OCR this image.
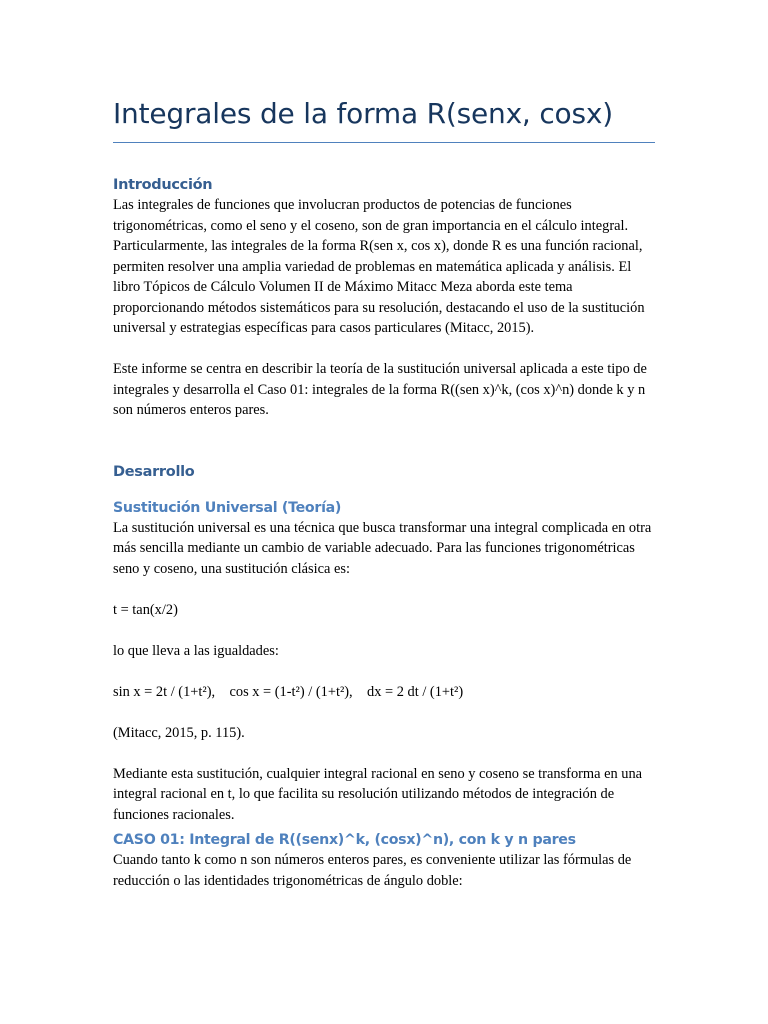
Integrales de la forma R(senx, cosx)
Introducción

Las integrales de funciones que involucran productos de potencias de funciones trigonométricas, como el seno y el coseno, son de gran importancia en el cálculo integral. Particularmente, las integrales de la forma R(sen x, cos x), donde R es una función racional, permiten resolver una amplia variedad de problemas en matemática aplicada y análisis. El libro Tópicos de Cálculo Volumen II de Máximo Mitacc Meza aborda este tema proporcionando métodos sistemáticos para su resolución, destacando el uso de la sustitución universal y estrategias específicas para casos particulares (Mitacc, 2015).

Este informe se centra en describir la teoría de la sustitución universal aplicada a este tipo de integrales y desarrolla el Caso 01: integrales de la forma R((sen x)^k, (cos x)^n) donde k y n son números enteros pares.

Desarrollo
Sustitución Universal (Teoría)

La sustitución universal es una técnica que busca transformar una integral complicada en otra más sencilla mediante un cambio de variable adecuado. Para las funciones trigonométricas seno y coseno, una sustitución clásica es:

t = tan(x/2)

lo que lleva a las igualdades:

sin x = 2t / (1+t²),    cos x = (1-t²) / (1+t²),    dx = 2 dt / (1+t²)

(Mitacc, 2015, p. 115).

Mediante esta sustitución, cualquier integral racional en seno y coseno se transforma en una integral racional en t, lo que facilita su resolución utilizando métodos de integración de funciones racionales.

CASO 01: Integral de R((senx)^k, (cosx)^n), con k y n pares

Cuando tanto k como n son números enteros pares, es conveniente utilizar las fórmulas de reducción o las identidades trigonométricas de ángulo doble:
